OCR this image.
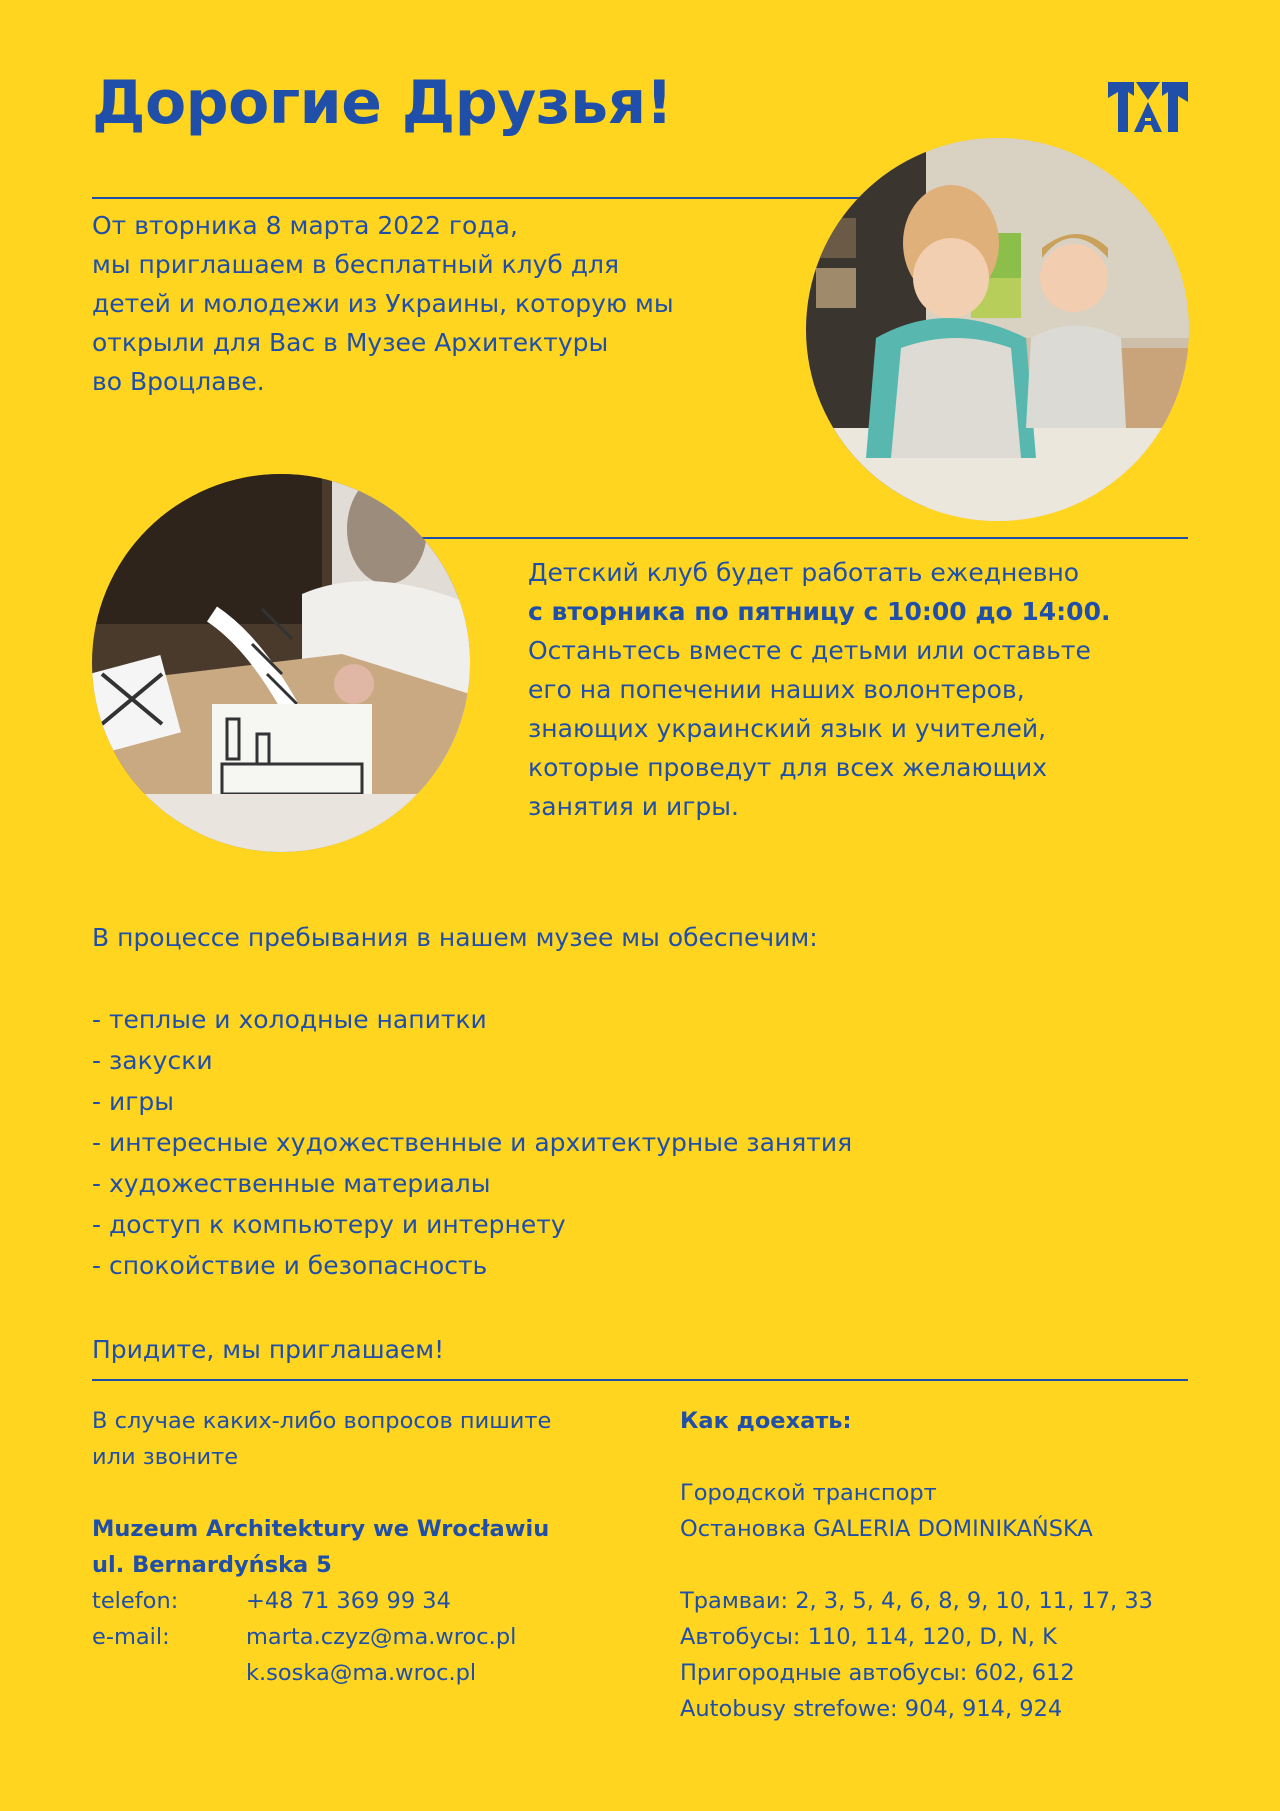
Дорогие Друзья!

От вторника 8 марта 2022 года,

мы приглашаем в бесплатный клуб для

детей и молодежи из Украины, которую мы

открыли для Вас в Музее Архитектуры

во Вроцлаве.

Детский клуб будет работать ежедневно

с вторника по пятницу с 10:00 до 14:00.

Останьтесь вместе с детьми или оставьте

его на попечении наших волонтеров,

знающих украинский язык и учителей,

которые проведут для всех желающих

занятия и игры.

В процессе пребывания в нашем музее мы обеспечим:

- теплые и холодные напитки
- закуски
- игры
- интересные художественные и архитектурные занятия
- художественные материалы
- доступ к компьютеру и интернету
- спокойствие и безопасность

Придите, мы приглашаем!

В случае каких-либо вопросов пишите

или звоните

Muzeum Architektury we Wrocławiu

ul. Bernardyńska 5

telefon:	+48 71 369 99 34
e-mail:	marta.czyz@ma.wroc.pl
k.soska@ma.wroc.pl

Как доехать:

Городской транспорт

Остановка GALERIA DOMINIKAŃSKA

Трамваи: 2, 3, 5, 4, 6, 8, 9, 10, 11, 17, 33

Автобусы: 110, 114, 120, D, N, K

Пригородные автобусы: 602, 612

Autobusy strefowe: 904, 914, 924
